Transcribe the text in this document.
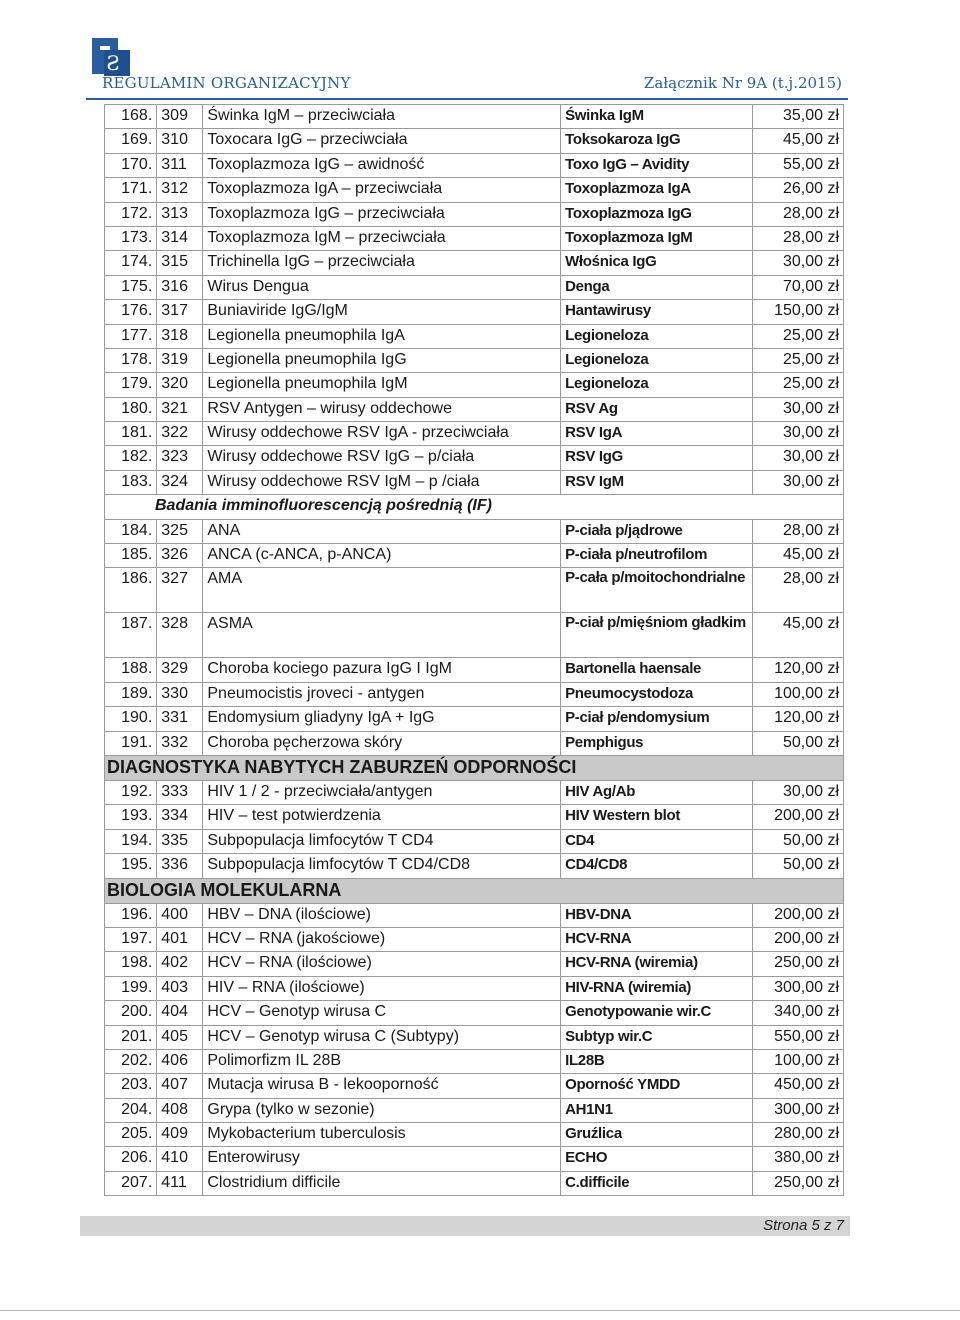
Ƨ
REGULAMIN ORGANIZACYJNY	Załącznik Nr 9A (t.j.2015)
168.	309	Świnka IgM – przeciwciała	Świnka IgM	35,00 zł
169.	310	Toxocara IgG – przeciwciała	Toksokaroza IgG	45,00 zł
170.	311	Toxoplazmoza IgG – awidność	Toxo IgG – Avidity	55,00 zł
171.	312	Toxoplazmoza IgA – przeciwciała	Toxoplazmoza IgA	26,00 zł
172.	313	Toxoplazmoza IgG – przeciwciała	Toxoplazmoza IgG	28,00 zł
173.	314	Toxoplazmoza IgM – przeciwciała	Toxoplazmoza IgM	28,00 zł
174.	315	Trichinella IgG – przeciwciała	Włośnica IgG	30,00 zł
175.	316	Wirus Dengua	Denga	70,00 zł
176.	317	Buniaviride IgG/IgM	Hantawirusy	150,00 zł
177.	318	Legionella pneumophila IgA	Legioneloza	25,00 zł
178.	319	Legionella pneumophila IgG	Legioneloza	25,00 zł
179.	320	Legionella pneumophila IgM	Legioneloza	25,00 zł
180.	321	RSV Antygen – wirusy oddechowe	RSV Ag	30,00 zł
181.	322	Wirusy oddechowe RSV IgA - przeciwciała	RSV IgA	30,00 zł
182.	323	Wirusy oddechowe RSV IgG – p/ciała	RSV IgG	30,00 zł
183.	324	Wirusy oddechowe RSV IgM – p /ciała	RSV IgM	30,00 zł
Badania imminofluorescencją pośrednią (IF)				
184.	325	ANA	P-ciała p/jądrowe	28,00 zł
185.	326	ANCA (c-ANCA, p-ANCA)	P-ciała p/neutrofilom	45,00 zł
186.	327	AMA	P-cała p/moitochondrialne	28,00 zł
187.	328	ASMA	P-ciał p/mięśniom gładkim	45,00 zł
188.	329	Choroba kociego pazura IgG I IgM	Bartonella haensale	120,00 zł
189.	330	Pneumocistis jroveci - antygen	Pneumocystodoza	100,00 zł
190.	331	Endomysium gliadyny IgA + IgG	P-ciał p/endomysium	120,00 zł
191.	332	Choroba pęcherzowa skóry	Pemphigus	50,00 zł
DIAGNOSTYKA NABYTYCH ZABURZEŃ ODPORNOŚCI				
192.	333	HIV 1 / 2 - przeciwciała/antygen	HIV Ag/Ab	30,00 zł
193.	334	HIV – test potwierdzenia	HIV Western blot	200,00 zł
194.	335	Subpopulacja limfocytów T CD4	CD4	50,00 zł
195.	336	Subpopulacja limfocytów T CD4/CD8	CD4/CD8	50,00 zł
BIOLOGIA MOLEKULARNA				
196.	400	HBV – DNA (ilościowe)	HBV-DNA	200,00 zł
197.	401	HCV – RNA (jakościowe)	HCV-RNA	200,00 zł
198.	402	HCV – RNA (ilościowe)	HCV-RNA (wiremia)	250,00 zł
199.	403	HIV – RNA (ilościowe)	HIV-RNA (wiremia)	300,00 zł
200.	404	HCV – Genotyp wirusa C	Genotypowanie wir.C	340,00 zł
201.	405	HCV – Genotyp wirusa C (Subtypy)	Subtyp wir.C	550,00 zł
202.	406	Polimorfizm IL 28B	IL28B	100,00 zł
203.	407	Mutacja wirusa B - lekooporność	Oporność YMDD	450,00 zł
204.	408	Grypa (tylko w sezonie)	AH1N1	300,00 zł
205.	409	Mykobacterium tuberculosis	Gruźlica	280,00 zł
206.	410	Enterowirusy	ECHO	380,00 zł
207.	411	Clostridium difficile	C.difficile	250,00 zł
Strona 5 z 7
